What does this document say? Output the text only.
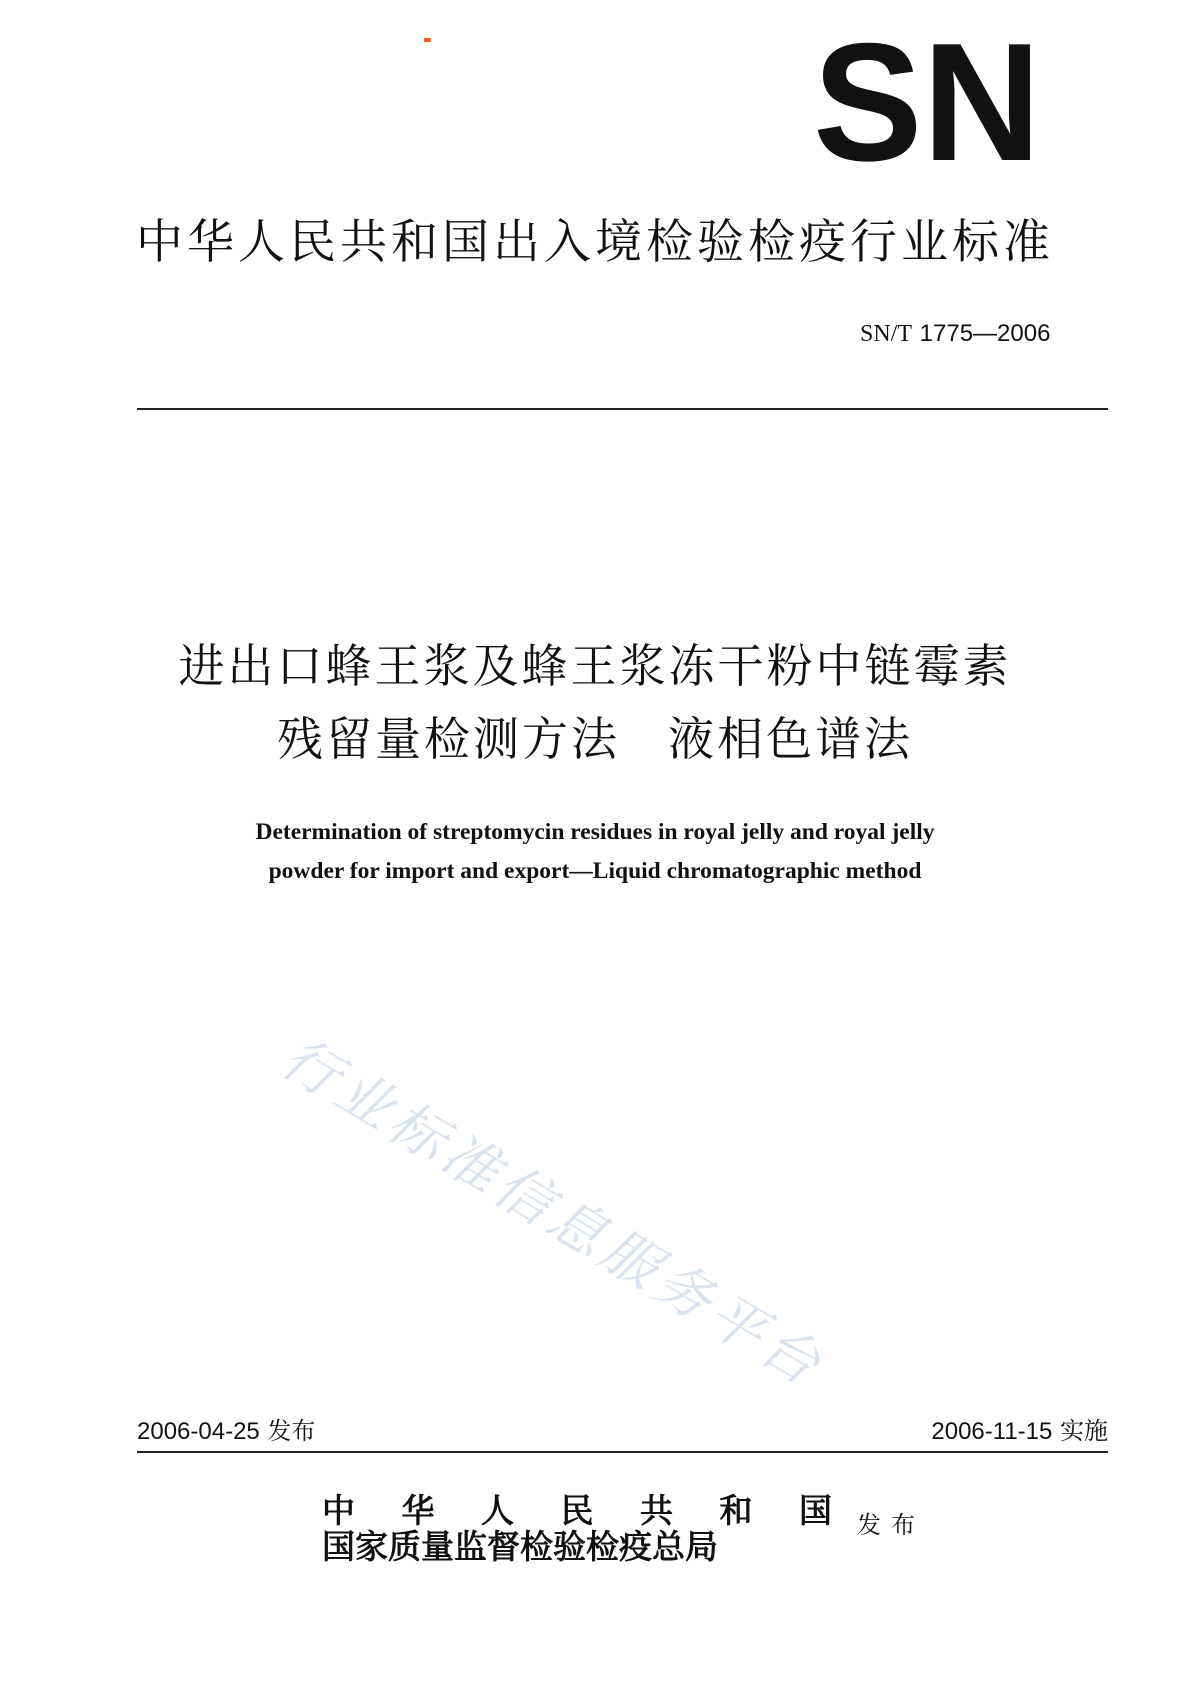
SN
中华人民共和国出入境检验检疫行业标准
SN/T 1775—2006
进出口蜂王浆及蜂王浆冻干粉中链霉素
残留量检测方法 液相色谱法
Determination of streptomycin residues in royal jelly and royal jelly
powder for import and export—Liquid chromatographic method
行业标准信息服务平台
2006-04-25 发布	2006-11-15 实施
中华人民共和国
国家质量监督检验检疫总局
发布
